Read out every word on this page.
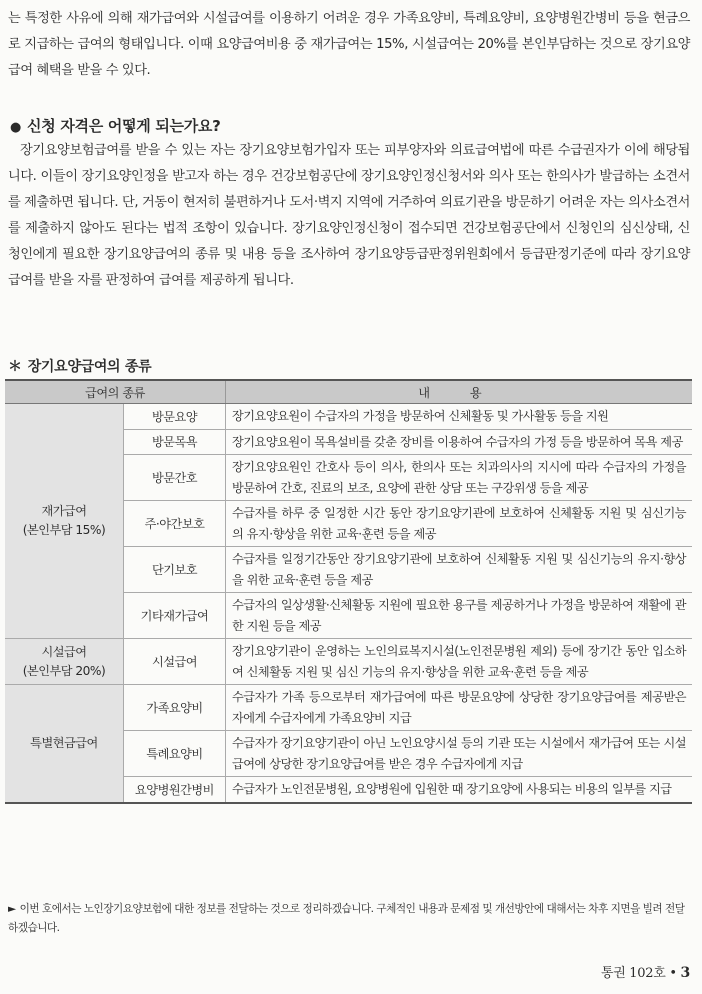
는 특정한 사유에 의해 재가급여와 시설급여를 이용하기 어려운 경우 가족요양비, 특례요양비, 요양병원간병비 등을 현금으로 지급하는 급여의 형태입니다. 이때 요양급여비용 중 재가급여는 15%, 시설급여는 20%를 본인부담하는 것으로 장기요양급여 혜택을 받을 수 있다.

● 신청 자격은 어떻게 되는가요?

장기요양보험급여를 받을 수 있는 자는 장기요양보험가입자 또는 피부양자와 의료급여법에 따른 수급권자가 이에 해당됩니다. 이들이 장기요양인정을 받고자 하는 경우 건강보험공단에 장기요양인정신청서와 의사 또는 한의사가 발급하는 소견서를 제출하면 됩니다. 단, 거동이 현저히 불편하거나 도서·벽지 지역에 거주하여 의료기관을 방문하기 어려운 자는 의사소견서를 제출하지 않아도 된다는 법적 조항이 있습니다. 장기요양인정신청이 접수되면 건강보험공단에서 신청인의 심신상태, 신청인에게 필요한 장기요양급여의 종류 및 내용 등을 조사하여 장기요양등급판정위원회에서 등급판정기준에 따라 장기요양급여를 받을 자를 판정하여 급여를 제공하게 됩니다.

＊ 장기요양급여의 종류
급여의 종류		내 용

재가급여
(본인부담 15%)	방문요양	장기요양요원이 수급자의 가정을 방문하여 신체활동 및 가사활동 등을 지원
	방문목욕	장기요양요원이 목욕설비를 갖춘 장비를 이용하여 수급자의 가정 등을 방문하여 목욕 제공
	방문간호	장기요양요원인 간호사 등이 의사, 한의사 또는 치과의사의 지시에 따라 수급자의 가정을 방문하여 간호, 진료의 보조, 요양에 관한 상담 또는 구강위생 등을 제공
	주·야간보호	수급자를 하루 중 일정한 시간 동안 장기요양기관에 보호하여 신체활동 지원 및 심신기능의 유지·향상을 위한 교육·훈련 등을 제공
	단기보호	수급자를 일정기간동안 장기요양기관에 보호하여 신체활동 지원 및 심신기능의 유지·향상을 위한 교육·훈련 등을 제공
	기타재가급여	수급자의 일상생활·신체활동 지원에 필요한 용구를 제공하거나 가정을 방문하여 재활에 관한 지원 등을 제공

시설급여
(본인부담 20%)	시설급여	장기요양기관이 운영하는 노인의료복지시설(노인전문병원 제외) 등에 장기간 동안 입소하여 신체활동 지원 및 심신 기능의 유지·향상을 위한 교육·훈련 등을 제공

특별현금급여	가족요양비	수급자가 가족 등으로부터 재가급여에 따른 방문요양에 상당한 장기요양급여를 제공받은 자에게 수급자에게 가족요양비 지급
	특례요양비	수급자가 장기요양기관이 아닌 노인요양시설 등의 기관 또는 시설에서 재가급여 또는 시설급여에 상당한 장기요양급여를 받은 경우 수급자에게 지급
	요양병원간병비	수급자가 노인전문병원, 요양병원에 입원한 때 장기요양에 사용되는 비용의 일부를 지급

► 이번 호에서는 노인장기요양보험에 대한 정보를 전달하는 것으로 정리하겠습니다. 구체적인 내용과 문제점 및 개선방안에 대해서는 차후 지면을 빌려 전달하겠습니다.

통권 102호 • 3
